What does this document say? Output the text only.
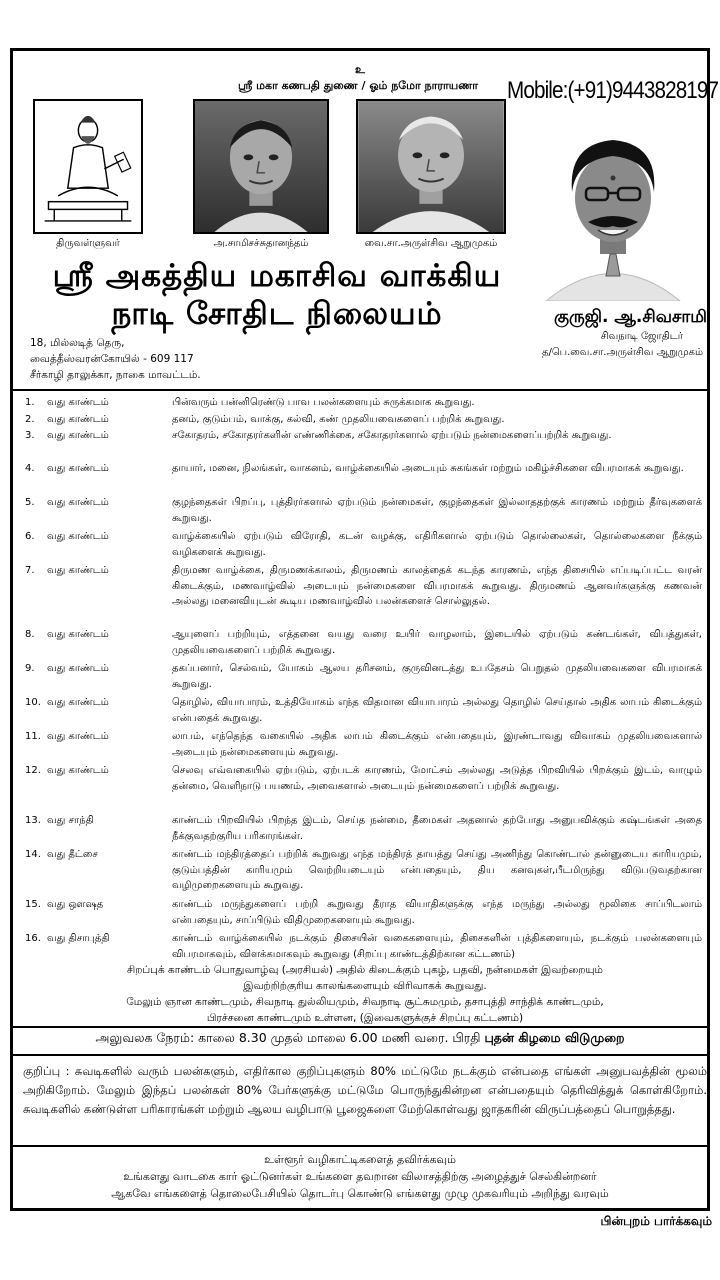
உ
ஸ்ரீ மகா கணபதி துணை / ஓம் நமோ நாராயணா	Mobile:(+91)9443828197
திருவள்ளுவர்	அ.சாமிசச்சுதானந்தம்	வை.சா.அருள்சிவ ஆறுமுகம்
ஸ்ரீ அகத்திய மகாசிவ வாக்கிய
நாடி சோதிட நிலையம்	குருஜி. ஆ.சிவசாமி
சிவநாடி ஜோதிடர்
த/பெ.வை.சா.அருள்சிவ ஆறுமுகம்
18, மில்லடித் தெரு,
வைத்தீஸ்வரன்கோயில் - 609 117
சீர்காழி தாலுக்கா, நாகை மாவட்டம்.
1.	வது காண்டம்	பின்வரும் பன்னிரெண்டு பாவ பலன்களையும் சுருக்கமாக கூறுவது.
2.	வது காண்டம்	தனம், குடும்பம், வாக்கு, கல்வி, கண் முதலியவைகளைப் பற்றிக் கூறுவது.
3.	வது காண்டம்	சகோதரம், சகோதரர்களின் எண்ணிக்கை, சகோதரர்களால் ஏற்படும் நன்மைகளைப்பற்றிக் கூறுவது.
4.	வது காண்டம்	தாயார், மனை, நிலங்கள், வாகனம், வாழ்க்கையில் அடையும் சுகங்கள் மற்றும் மகிழ்ச்சிகளை விபரமாகக் கூறுவது.
5.	வது காண்டம்	குழந்தைகள் பிறப்பு, புத்திரர்களால் ஏற்படும் நன்மைகள், குழந்தைகள் இல்லாததற்குக் காரணம் மற்றும் தீர்வுகளைக் கூறுவது.
6.	வது காண்டம்	வாழ்க்கையில் ஏற்படும் விரோதி, கடன் வழக்கு, எதிரிகளால் ஏற்படும் தொல்லைகள், தொல்லைகளை நீக்கும் வழிகளைக் கூறுவது.
7.	வது காண்டம்	திருமண வாழ்க்கை, திருமணக்காலம், திருமணம் காலத்தைக் கடந்த காரணம், எந்த திசையில் எப்படிப்பட்ட வரன் கிடைக்கும், மணவாழ்வில் அடையும் நன்மைகளை விபரமாகக் கூறுவது. திருமணம் ஆனவர்களுக்கு கணவன் அல்லது மனைவியுடன் கூடிய மணவாழ்வில் பலன்களைச் சொல்லுதல்.
8.	வது காண்டம்	ஆயுளைப் பற்றியும், எத்தனை வயது வரை உயிர் வாழலாம், இடையில் ஏற்படும் கண்டங்கள், விபத்துகள், முதலியவைகளைப் பற்றிக் கூறுவது.
9.	வது காண்டம்	தகப்பனார், செல்வம், யோகம் ஆலய தரிசனம், குருவினடத்து உபதேசம் பெறுதல் முதலியவைகளை விபரமாகக் கூறுவது.
10. வது காண்டம்	தொழில், வியாபாரம், உத்தியோகம் எந்த விதமான வியாபாரம் அல்லது தொழில் செய்தால் அதிக லாபம் கிடைக்கும் என்பதைக் கூறுவது.
11. வது காண்டம்	லாபம், எந்தெந்த வகையில் அதிக லாபம் கிடைக்கும் என்பதையும், இரண்டாவது விவாகம் முதலியவைகளால் அடையும் நன்மைகளையும் கூறுவது.
12. வது காண்டம்	செலவு எவ்வகையில் ஏற்படும், ஏற்படக் காரணம், மோட்சம் அல்லது அடுத்த பிறவியில் பிறக்கும் இடம், வாழும் தன்மை, வெளிநாடு பயணம், அவைகளால் அடையும் நன்மைகளைப் பற்றிக் கூறுவது.
13. வது சாந்தி	காண்டம் பிறவியில் பிறந்த இடம், செய்த நன்மை, தீமைகள் அதனால் தற்போது அனுபவிக்கும் கஷ்டங்கள் அதை நீக்குவதற்குரிய பரிகாரங்கள்.
14. வது தீட்சை	காண்டம் மந்திரத்தைப் பற்றிக் கூறுவது எந்த மந்திரத் தாயத்து செய்து அணிந்து கொண்டால் தன்னுடைய காரியமும், குடும்பத்தின் காரியமும் வெற்றியடையும் என்பதையும், திய கனவுகள்,பீடமிருந்து விடுபடுவதற்கான வழிமுறைகளையும் கூறுவது.
15. வது ஔஷத	காண்டம் மருந்துகளைப் பற்றி கூறுவது தீராத வியாதிகளுக்கு எந்த மருந்து அல்லது மூலிகை சாப்பிடலாம் என்பதையும், சாப்பிடும் விதிமுறைகளையும் கூறுவது.
16. வது திசாபுத்தி	காண்டம் வாழ்க்கையில் நடக்கும் திசையின் வகைகளையும், திசைகளின் புத்திகளையும், நடக்கும் பலன்களையும் விபரமாகவும், விளக்கமாகவும் கூறுவது (சிறப்பு காண்டத்திற்கான கட்டணம்)
சிறப்புக் காண்டம் பொதுவாழ்வு (அரசியல்) அதில் கிடைக்கும் புகழ், பதவி, நன்மைகள் இவற்றையும்
இவற்றிற்குரிய காலங்களையும் விரிவாகக் கூறுவது.
மேலும் ஞான காண்டமும், சிவநாடி துல்லியமும், சிவநாடி சூட்சுமமும், தசாபுத்தி சாந்திக் காண்டமும்,
பிரச்சனை காண்டமும் உள்ளன, (இவைகளுக்குச் சிறப்பு கட்டணம்)
அலுவலக நேரம்: காலை 8.30 முதல் மாலை 6.00 மணி வரை. பிரதி புதன் கிழமை விடுமுறை
குறிப்பு : சுவடிகளில் வரும் பலன்களும், எதிர்கால குறிப்புகளும் 80% மட்டுமே நடக்கும் என்பதை எங்கள் அனுபவத்தின் மூலம் அறிகிறோம். மேலும் இந்தப் பலன்கள் 80% பேர்களுக்கு மட்டுமே பொருந்துகின்றன என்பதையும் தெரிவித்துக் கொள்கிறோம். சுவடிகளில் கண்டுள்ள பரிகாரங்கள் மற்றும் ஆலய வழிபாடு பூஜைகளை மேற்கொள்வது ஜாதகரின் விருப்பத்தைப் பொறுத்தது.
உள்ளூர் வழிகாட்டிகளைத் தவிர்க்கவும்
உங்களது வாடகை கார் ஓட்டுனர்கள் உங்களை தவறான விலாசத்திற்கு அழைத்துச் செல்கின்றனர்
ஆகவே எங்களைத் தொலைபேசியில் தொடர்பு கொண்டு எங்களது முழு முகவரியும் அறிந்து வரவும்
பின்புறம் பார்க்கவும்
